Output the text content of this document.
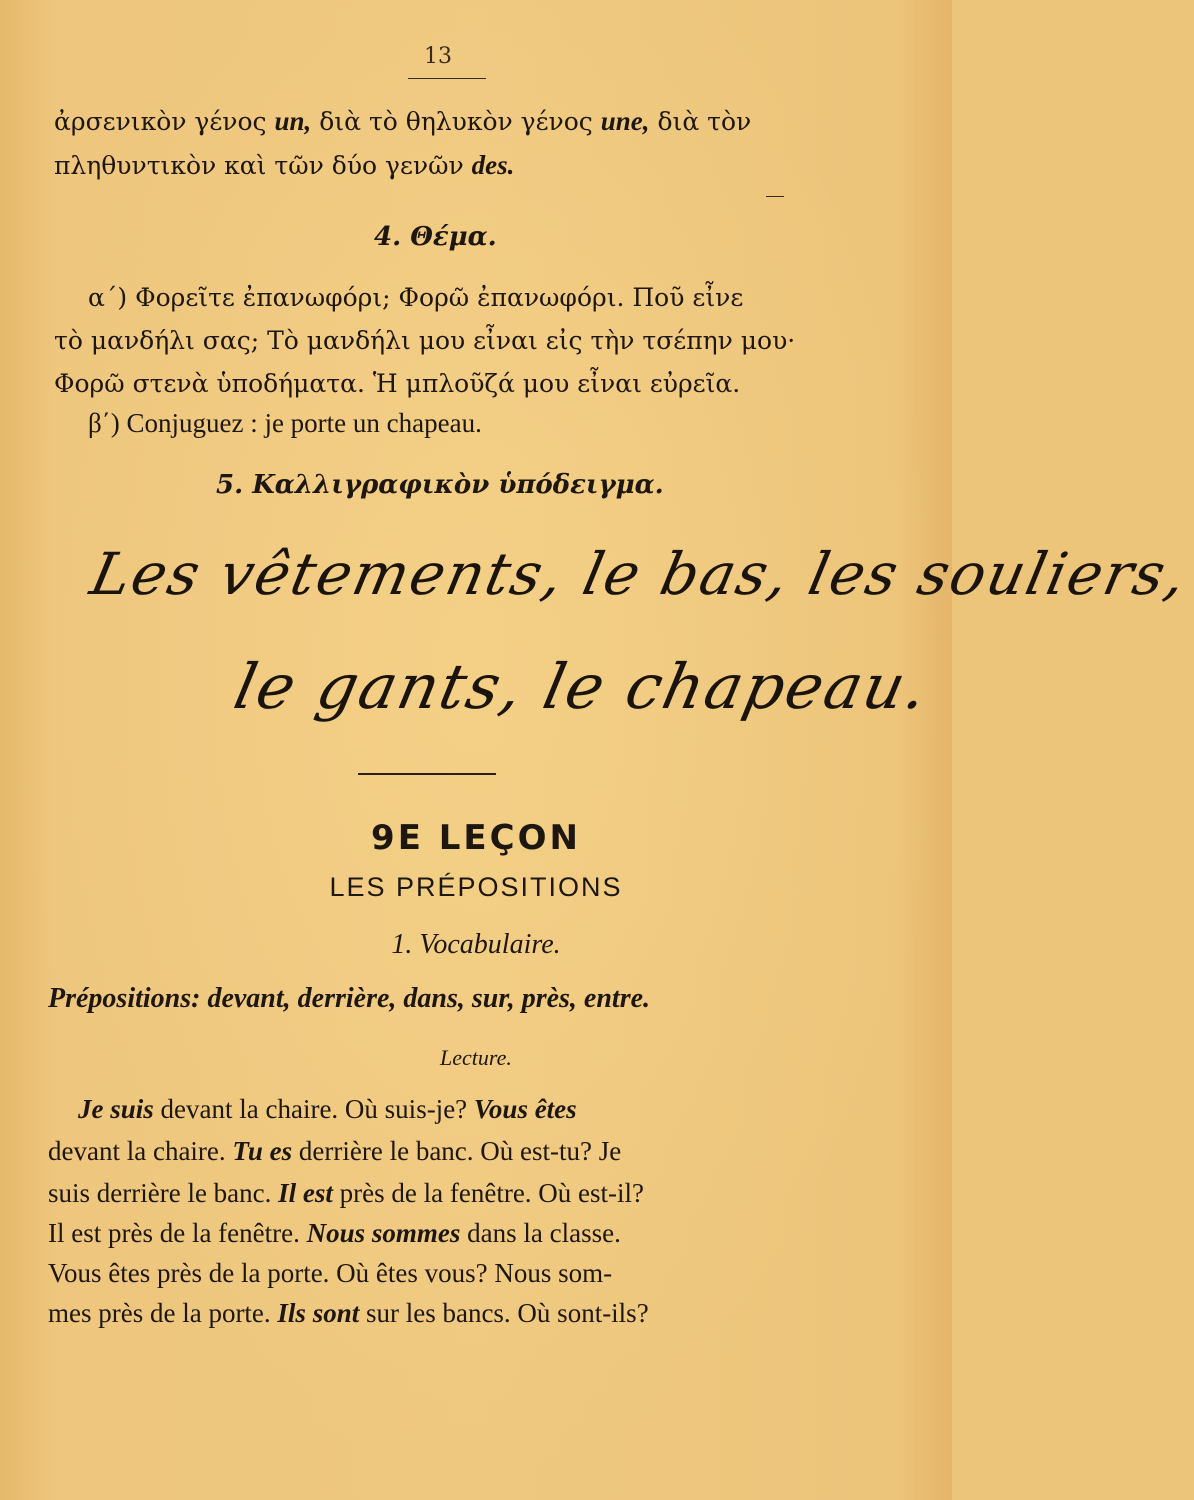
13
ἀρσενικὸν γένος un, διὰ τὸ θηλυκὸν γένος une, διὰ τὸν
πληθυντικὸν καὶ τῶν δύο γενῶν des.
4. Θέμα.
α΄) Φορεῖτε ἐπανωφόρι; Φορῶ ἐπανωφόρι. Ποῦ εἶνε
τὸ μανδήλι σας; Τὸ μανδήλι μου εἶναι εἰς τὴν τσέπην μου·
Φορῶ στενὰ ὑποδήματα. Ἡ μπλοῦζά μου εἶναι εὐρεῖα.
β΄) Conjuguez : je porte un chapeau.
5. Καλλιγραφικὸν ὑπόδειγμα.
Les vêtements, le bas, les souliers,
le gants, le chapeau.
9E LEÇON
LES PRÉPOSITIONS
1. Vocabulaire.
Prépositions: devant, derrière, dans, sur, près, entre.
Lecture.
Je suis devant la chaire. Où suis-je? Vous êtes
devant la chaire. Tu es derrière le banc. Où est-tu? Je
suis derrière le banc. Il est près de la fenêtre. Où est-il?
Il est près de la fenêtre. Nous sommes dans la classe.
Vous êtes près de la porte. Où êtes vous? Nous som-
mes près de la porte. Ils sont sur les bancs. Où sont-ils?
